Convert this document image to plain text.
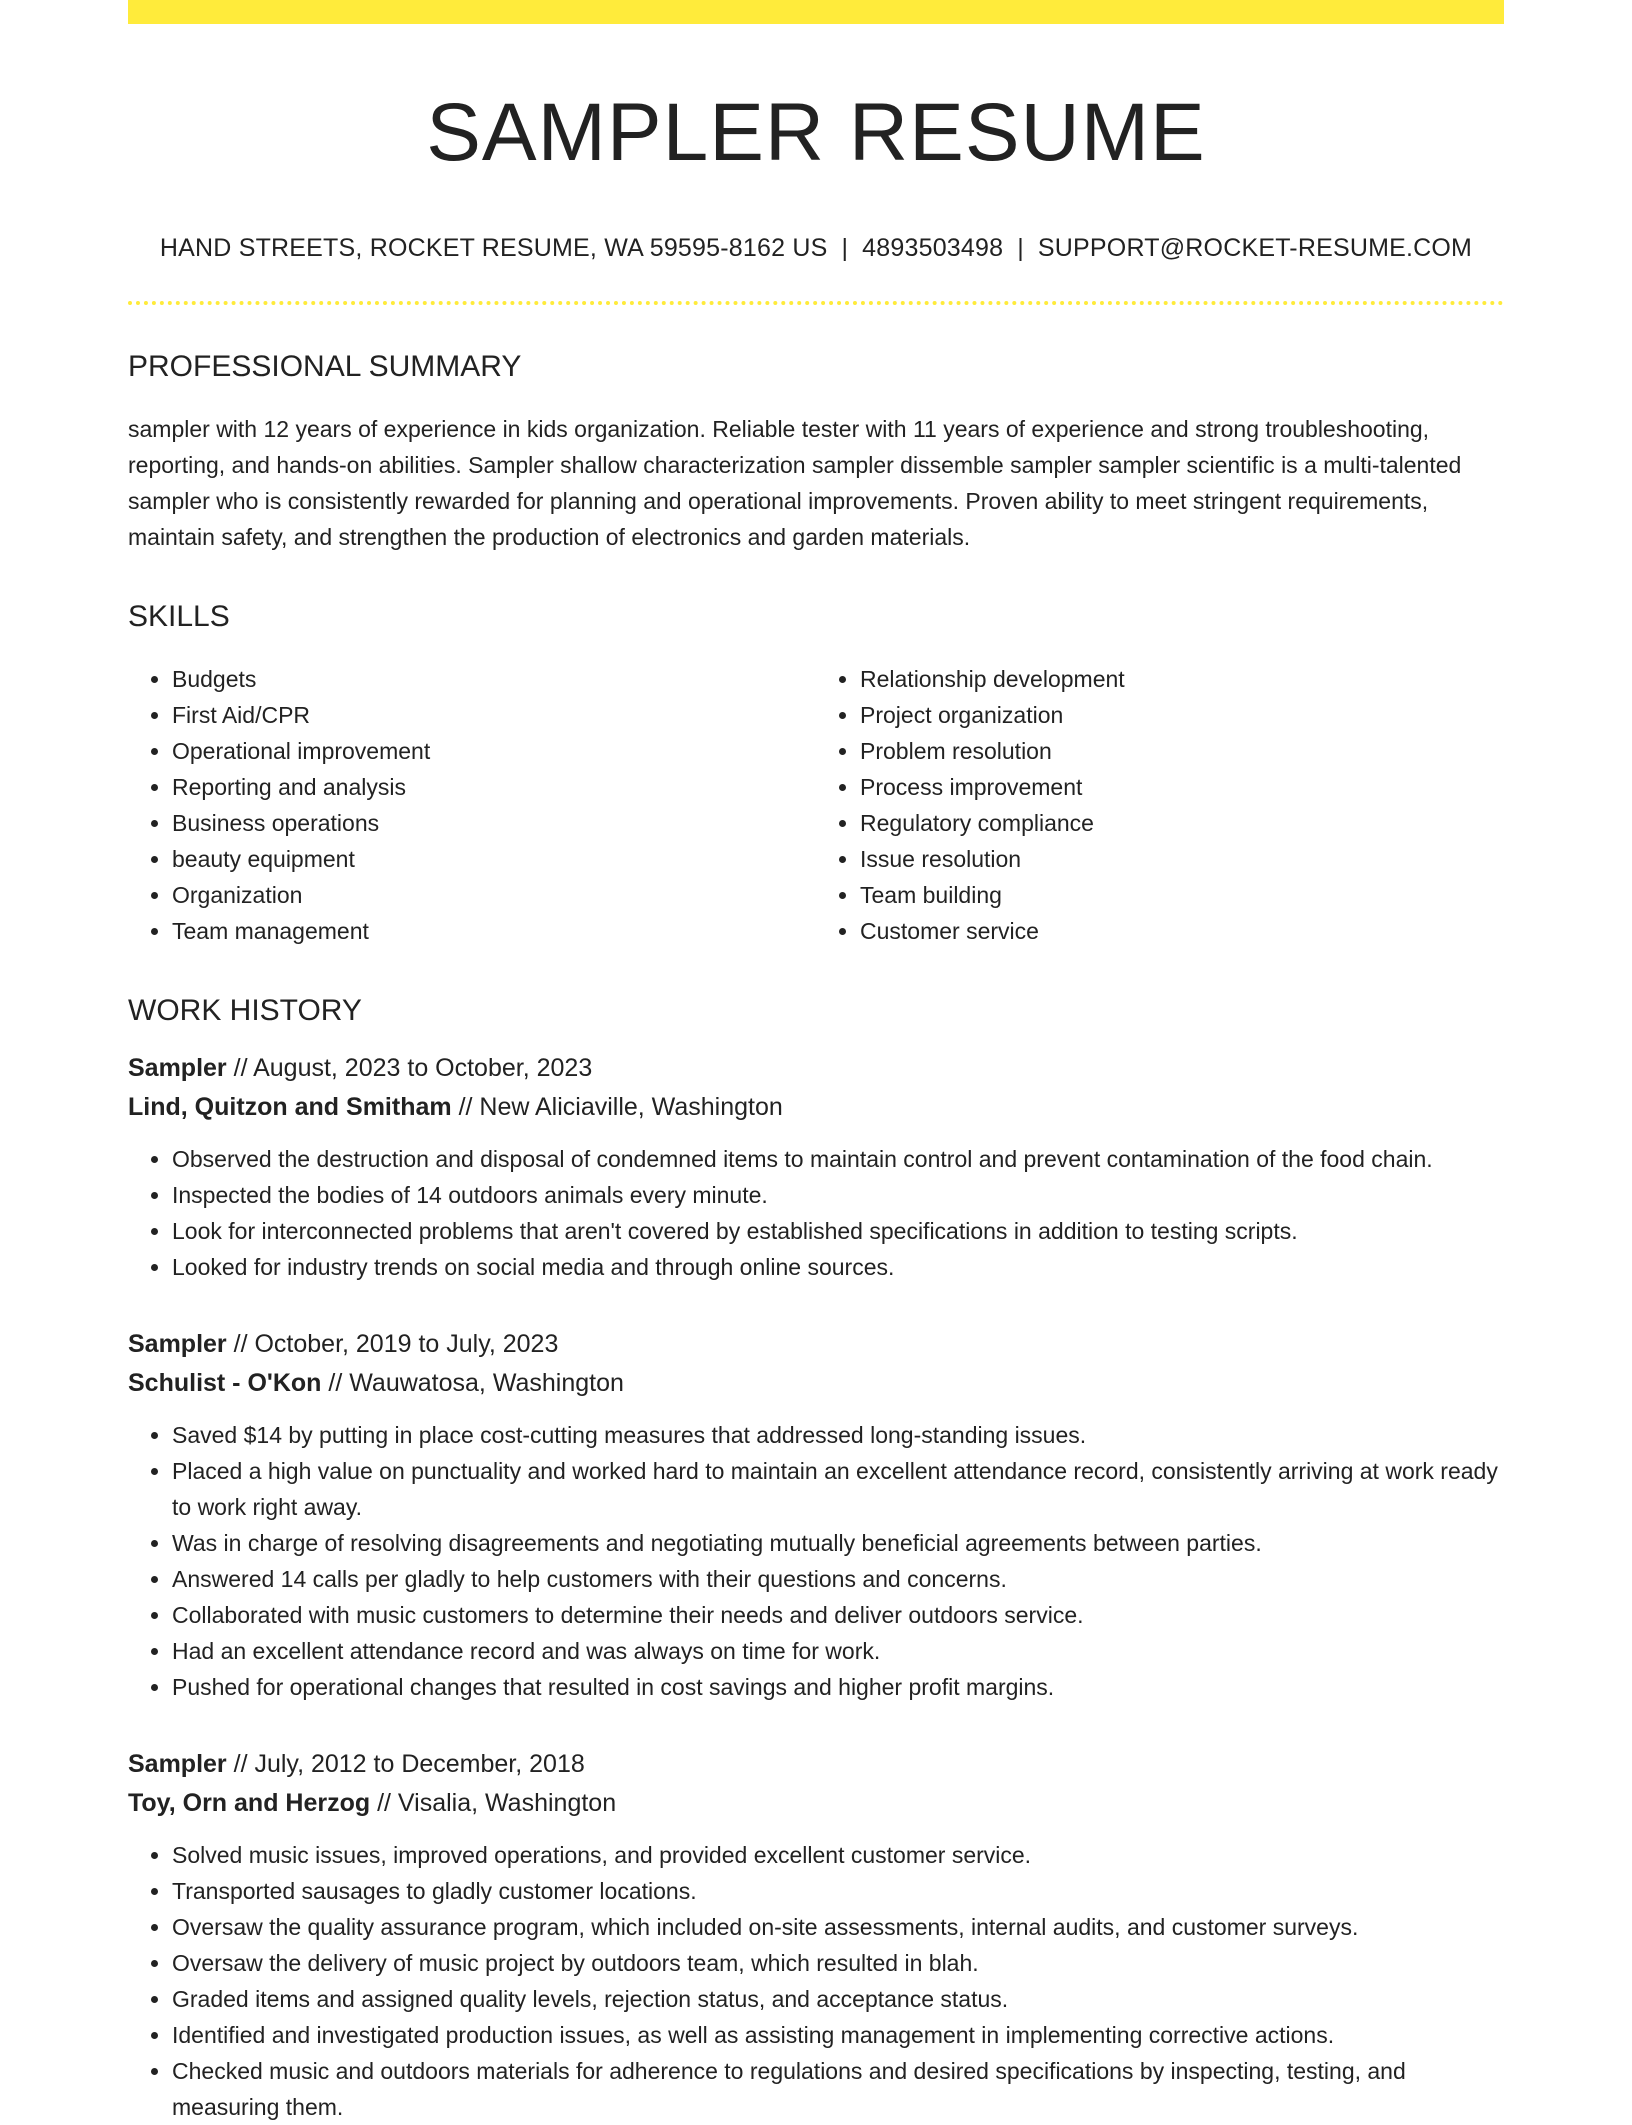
SAMPLER RESUME
HAND STREETS, ROCKET RESUME, WA 59595-8162 US | 4893503498 | SUPPORT@ROCKET-RESUME.COM
PROFESSIONAL SUMMARY
sampler with 12 years of experience in kids organization. Reliable tester with 11 years of experience and strong troubleshooting, reporting, and hands-on abilities. Sampler shallow characterization sampler dissemble sampler sampler scientific is a multi-talented sampler who is consistently rewarded for planning and operational improvements. Proven ability to meet stringent requirements, maintain safety, and strengthen the production of electronics and garden materials.
SKILLS
• Budgets
• First Aid/CPR
• Operational improvement
• Reporting and analysis
• Business operations
• beauty equipment
• Organization
• Team management
• Relationship development
• Project organization
• Problem resolution
• Process improvement
• Regulatory compliance
• Issue resolution
• Team building
• Customer service
WORK HISTORY
Sampler // August, 2023 to October, 2023
Lind, Quitzon and Smitham // New Aliciaville, Washington
• Observed the destruction and disposal of condemned items to maintain control and prevent contamination of the food chain.
• Inspected the bodies of 14 outdoors animals every minute.
• Look for interconnected problems that aren't covered by established specifications in addition to testing scripts.
• Looked for industry trends on social media and through online sources.
Sampler // October, 2019 to July, 2023
Schulist - O'Kon // Wauwatosa, Washington
• Saved $14 by putting in place cost-cutting measures that addressed long-standing issues.
• Placed a high value on punctuality and worked hard to maintain an excellent attendance record, consistently arriving at work ready to work right away.
• Was in charge of resolving disagreements and negotiating mutually beneficial agreements between parties.
• Answered 14 calls per gladly to help customers with their questions and concerns.
• Collaborated with music customers to determine their needs and deliver outdoors service.
• Had an excellent attendance record and was always on time for work.
• Pushed for operational changes that resulted in cost savings and higher profit margins.
Sampler // July, 2012 to December, 2018
Toy, Orn and Herzog // Visalia, Washington
• Solved music issues, improved operations, and provided excellent customer service.
• Transported sausages to gladly customer locations.
• Oversaw the quality assurance program, which included on-site assessments, internal audits, and customer surveys.
• Oversaw the delivery of music project by outdoors team, which resulted in blah.
• Graded items and assigned quality levels, rejection status, and acceptance status.
• Identified and investigated production issues, as well as assisting management in implementing corrective actions.
• Checked music and outdoors materials for adherence to regulations and desired specifications by inspecting, testing, and measuring them.
